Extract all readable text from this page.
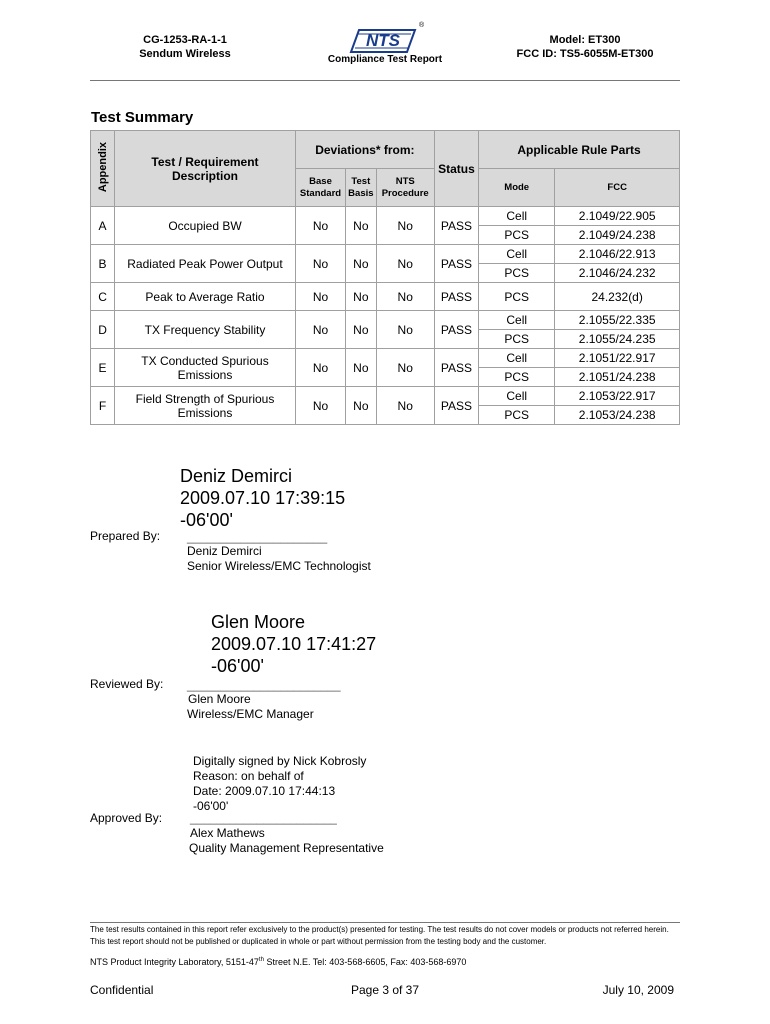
CG-1253-RA-1-1
Sendum Wireless
NTS
®
Compliance Test Report
Model: ET300
FCC ID: TS5-6055M-ET300
Test Summary
Appendix	Test / Requirement Description	Deviations* from:			Status	Applicable Rule Parts	
		Base Standard	Test Basis	NTS Procedure		Mode	FCC
A	Occupied BW	No	No	No	PASS	Cell	2.1049/22.905
						PCS	2.1049/24.238
B	Radiated Peak Power Output	No	No	No	PASS	Cell	2.1046/22.913
						PCS	2.1046/24.232
C	Peak to Average Ratio	No	No	No	PASS	PCS	24.232(d)
D	TX Frequency Stability	No	No	No	PASS	Cell	2.1055/22.335
						PCS	2.1055/24.235
E	TX Conducted Spurious Emissions	No	No	No	PASS	Cell	2.1051/22.917
						PCS	2.1051/24.238
F	Field Strength of Spurious Emissions	No	No	No	PASS	Cell	2.1053/22.917
						PCS	2.1053/24.238
Deniz Demirci
2009.07.10 17:39:15
-06'00'
Prepared By: _____________________
Deniz Demirci
Senior Wireless/EMC Technologist
Glen Moore
2009.07.10 17:41:27
-06'00'
Reviewed By: _______________________
Glen Moore
Wireless/EMC Manager
Digitally signed by Nick Kobrosly
Reason: on behalf of
Date: 2009.07.10 17:44:13
-06'00'
Approved By: ______________________
Alex Mathews
Quality Management Representative
The test results contained in this report refer exclusively to the product(s) presented for testing. The test results do not cover models or products not referred herein. This test report should not be published or duplicated in whole or part without permission from the testing body and the customer.
NTS Product Integrity Laboratory, 5151-47th Street N.E. Tel: 403-568-6605, Fax: 403-568-6970
Confidential	Page 3 of 37	July 10, 2009
